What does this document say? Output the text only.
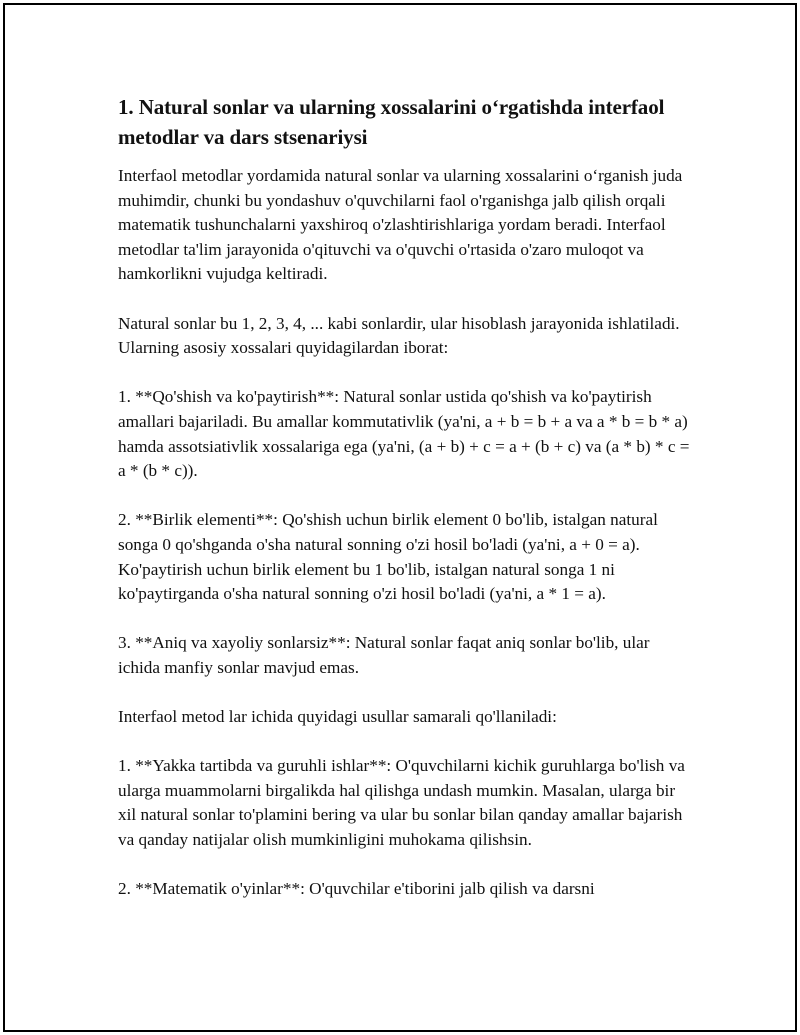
1. Natural sonlar va ularning xossalarini o‘rgatishda interfaol metodlar va dars stsenariysi

Interfaol metodlar yordamida natural sonlar va ularning xossalarini o‘rganish juda muhimdir, chunki bu yondashuv o'quvchilarni faol o'rganishga jalb qilish orqali matematik tushunchalarni yaxshiroq o'zlashtirishlariga yordam beradi. Interfaol metodlar ta'lim jarayonida o'qituvchi va o'quvchi o'rtasida o'zaro muloqot va hamkorlikni vujudga keltiradi.

Natural sonlar bu 1, 2, 3, 4, ... kabi sonlardir, ular hisoblash jarayonida ishlatiladi. Ularning asosiy xossalari quyidagilardan iborat:

1. **Qo'shish va ko'paytirish**: Natural sonlar ustida qo'shish va ko'paytirish amallari bajariladi. Bu amallar kommutativlik (ya'ni, a + b = b + a va a * b = b * a) hamda assotsiativlik xossalariga ega (ya'ni, (a + b) + c = a + (b + c) va (a * b) * c = a * (b * c)).

2. **Birlik elementi**: Qo'shish uchun birlik element 0 bo'lib, istalgan natural songa 0 qo'shganda o'sha natural sonning o'zi hosil bo'ladi (ya'ni, a + 0 = a). Ko'paytirish uchun birlik element bu 1 bo'lib, istalgan natural songa 1 ni ko'paytirganda o'sha natural sonning o'zi hosil bo'ladi (ya'ni, a * 1 = a).

3. **Aniq va xayoliy sonlarsiz**: Natural sonlar faqat aniq sonlar bo'lib, ular ichida manfiy sonlar mavjud emas.

Interfaol metod lar ichida quyidagi usullar samarali qo'llaniladi:

1. **Yakka tartibda va guruhli ishlar**: O'quvchilarni kichik guruhlarga bo'lish va ularga muammolarni birgalikda hal qilishga undash mumkin. Masalan, ularga bir xil natural sonlar to'plamini bering va ular bu sonlar bilan qanday amallar bajarish va qanday natijalar olish mumkinligini muhokama qilishsin.

2. **Matematik o'yinlar**: O'quvchilar e'tiborini jalb qilish va darsni
